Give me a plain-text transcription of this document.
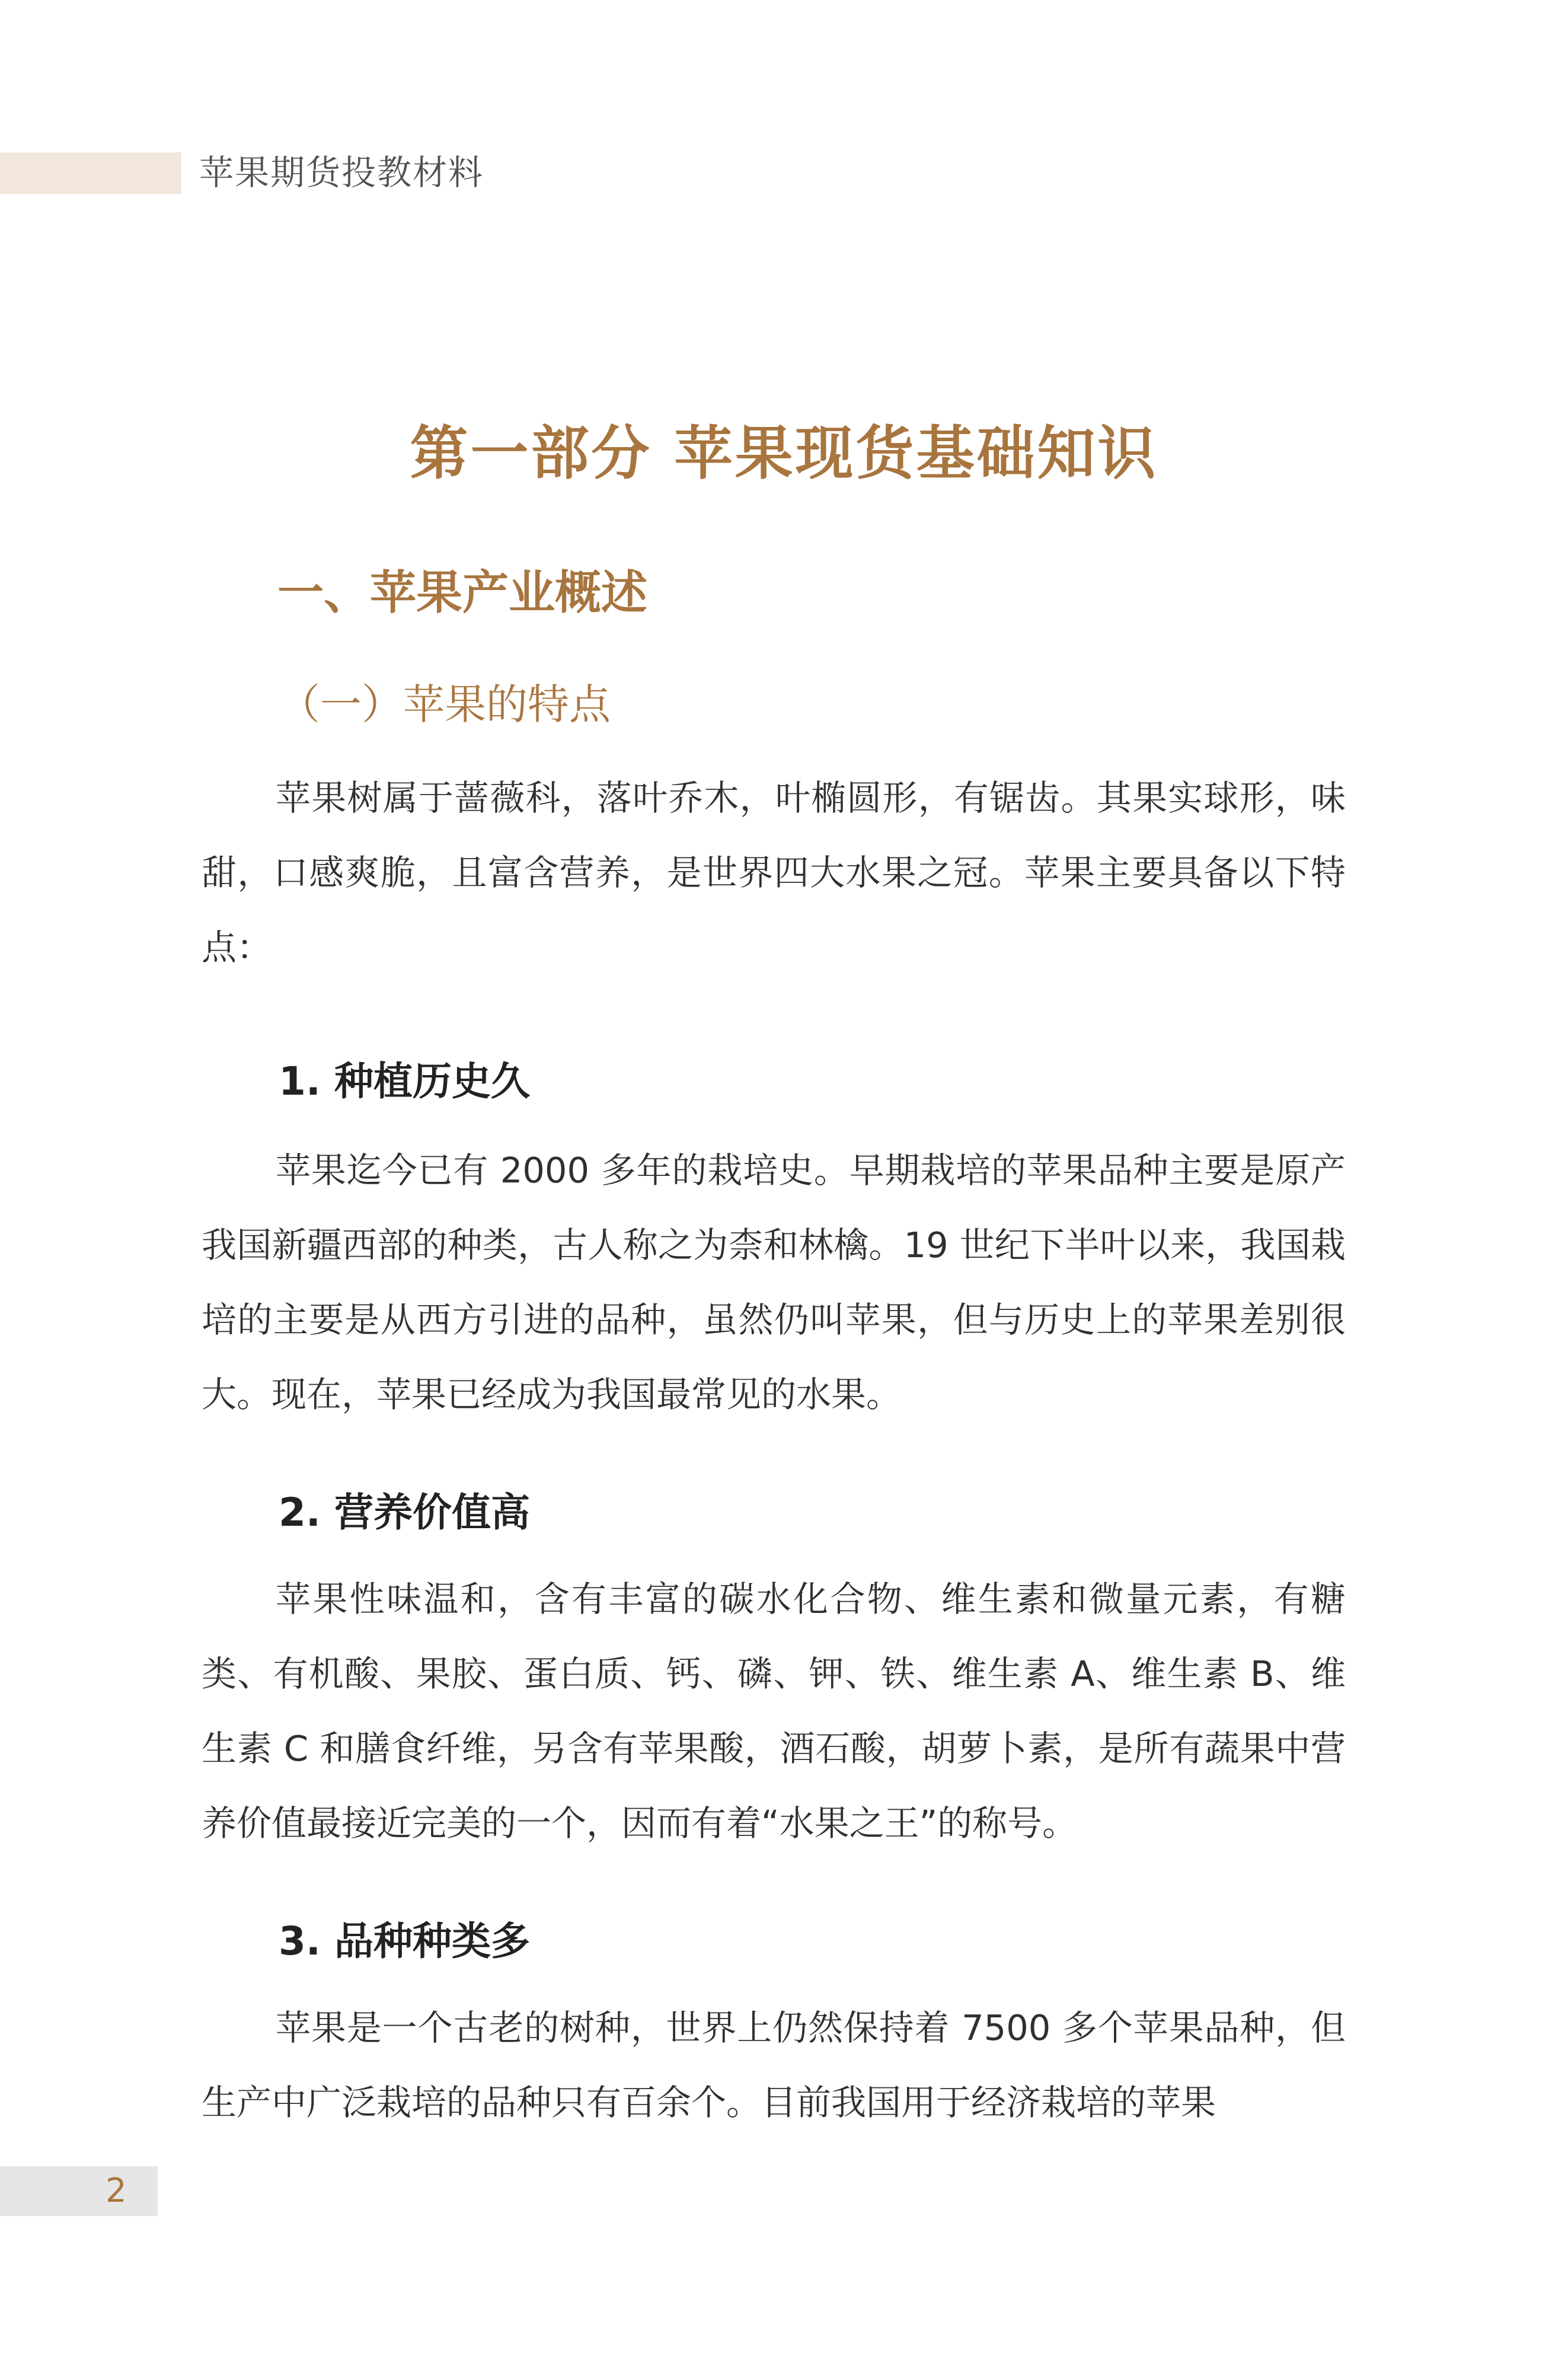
苹果期货投教材料
第一部分 苹果现货基础知识
一、苹果产业概述
（一）苹果的特点

苹果树属于蔷薇科，落叶乔木，叶椭圆形，有锯齿。其果实球形，味甜，口感爽脆，且富含营养，是世界四大水果之冠。苹果主要具备以下特点：

1. 种植历史久

苹果迄今已有 2000 多年的栽培史。早期栽培的苹果品种主要是原产我国新疆西部的种类，古人称之为柰和林檎。19 世纪下半叶以来，我国栽培的主要是从西方引进的品种，虽然仍叫苹果，但与历史上的苹果差别很大。现在，苹果已经成为我国最常见的水果。

2. 营养价值高

苹果性味温和，含有丰富的碳水化合物、维生素和微量元素，有糖类、有机酸、果胶、蛋白质、钙、磷、钾、铁、维生素 A、维生素 B、维生素 C 和膳食纤维，另含有苹果酸，酒石酸，胡萝卜素，是所有蔬果中营养价值最接近完美的一个，因而有着“水果之王”的称号。

3. 品种种类多

苹果是一个古老的树种，世界上仍然保持着 7500 多个苹果品种，但生产中广泛栽培的品种只有百余个。目前我国用于经济栽培的苹果

2
